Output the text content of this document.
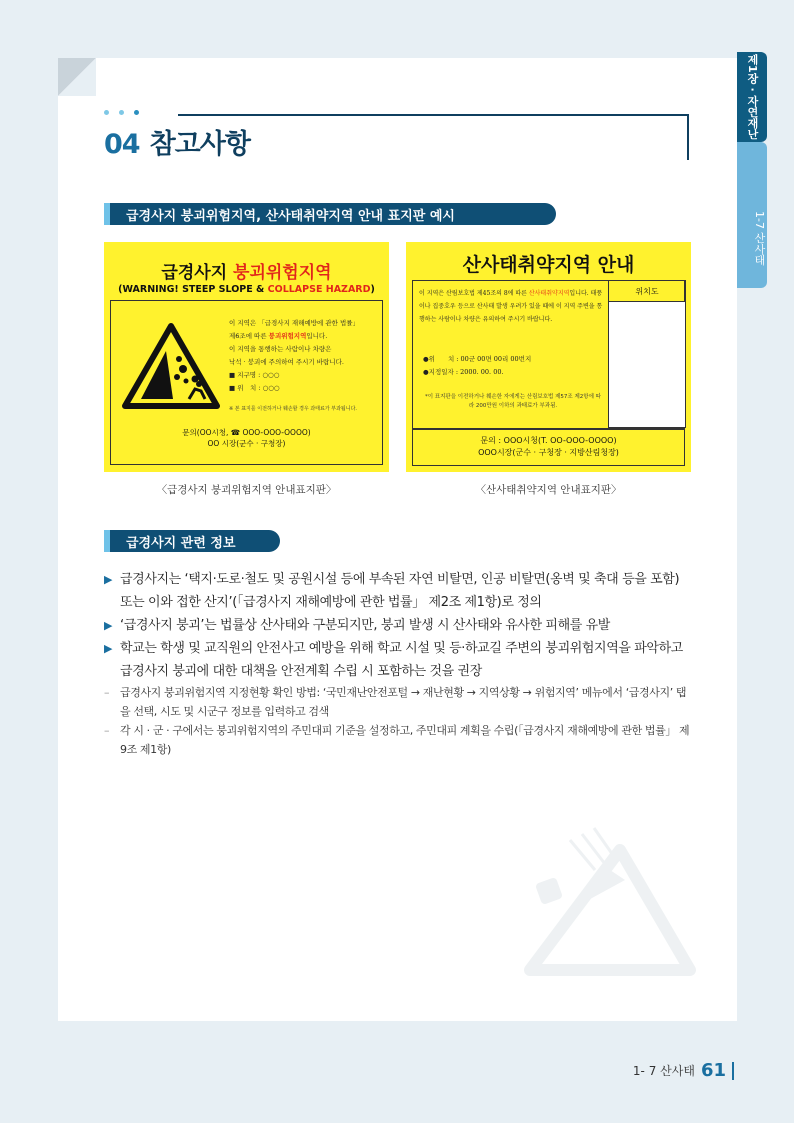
제1장 · 자연재난
1-7 산사태
04 참고사항
급경사지 붕괴위험지역, 산사태취약지역 안내 표지판 예시
급경사지 붕괴위험지역
(WARNING! STEEP SLOPE & COLLAPSE HAZARD)
이 지역은 「급경사지 재해예방에 관한 법률」
제6조에 따른 붕괴위험지역입니다.
이 지역을 통행하는 사람이나 차량은
낙석 · 붕괴에 주의하여 주시기 바랍니다.
■ 지구명 : ○○○
■ 위　치 : ○○○
※ 본 표지를 이전하거나 훼손할 경우 과태료가 부과됩니다.
문의(OO시청, ☎ OOO-OOO-OOOO)
OO 시장(군수 · 구청장)
산사태취약지역 안내
이 지역은 산림보호법 제45조의 8에 따른 산사태취약지역입니다. 태풍이나 집중호우 등으로 산사태 발생 우려가 있을 때에 이 지역 주변을 통행하는 사람이나 차량은 유의하여 주시기 바랍니다.
위치도
●위　　치 : 00군 00면 00리 00번지
●지정일자 : 2000. 00. 00.
*이 표지판을 이전하거나 훼손한 자에게는 산림보호법 제57조 제2항에 따라 200만원 이하의 과태료가 부과됨.
문의 : OOO시청(T. OO-OOO-OOOO)
OOO시장(군수 · 구청장 · 지방산림청장)
〈급경사지 붕괴위험지역 안내표지판〉	〈산사태취약지역 안내표지판〉
급경사지 관련 정보
▶ 급경사지는 ‘택지·도로·철도 및 공원시설 등에 부속된 자연 비탈면, 인공 비탈면(옹벽 및 축대 등을 포함) 또는 이와 접한 산지’(「급경사지 재해예방에 관한 법률」 제2조 제1항)로 정의
▶ ‘급경사지 붕괴’는 법률상 산사태와 구분되지만, 붕괴 발생 시 산사태와 유사한 피해를 유발
▶ 학교는 학생 및 교직원의 안전사고 예방을 위해 학교 시설 및 등·하교길 주변의 붕괴위험지역을 파악하고 급경사지 붕괴에 대한 대책을 안전계획 수립 시 포함하는 것을 권장
– 급경사지 붕괴위험지역 지정현황 확인 방법: ‘국민재난안전포털 → 재난현황 → 지역상황 → 위험지역’ 메뉴에서 ‘급경사지’ 탭을 선택, 시도 및 시군구 정보를 입력하고 검색
– 각 시 · 군 · 구에서는 붕괴위험지역의 주민대피 기준을 설정하고, 주민대피 계획을 수립(「급경사지 재해예방에 관한 법률」 제9조 제1항)
1- 7 산사태 61
